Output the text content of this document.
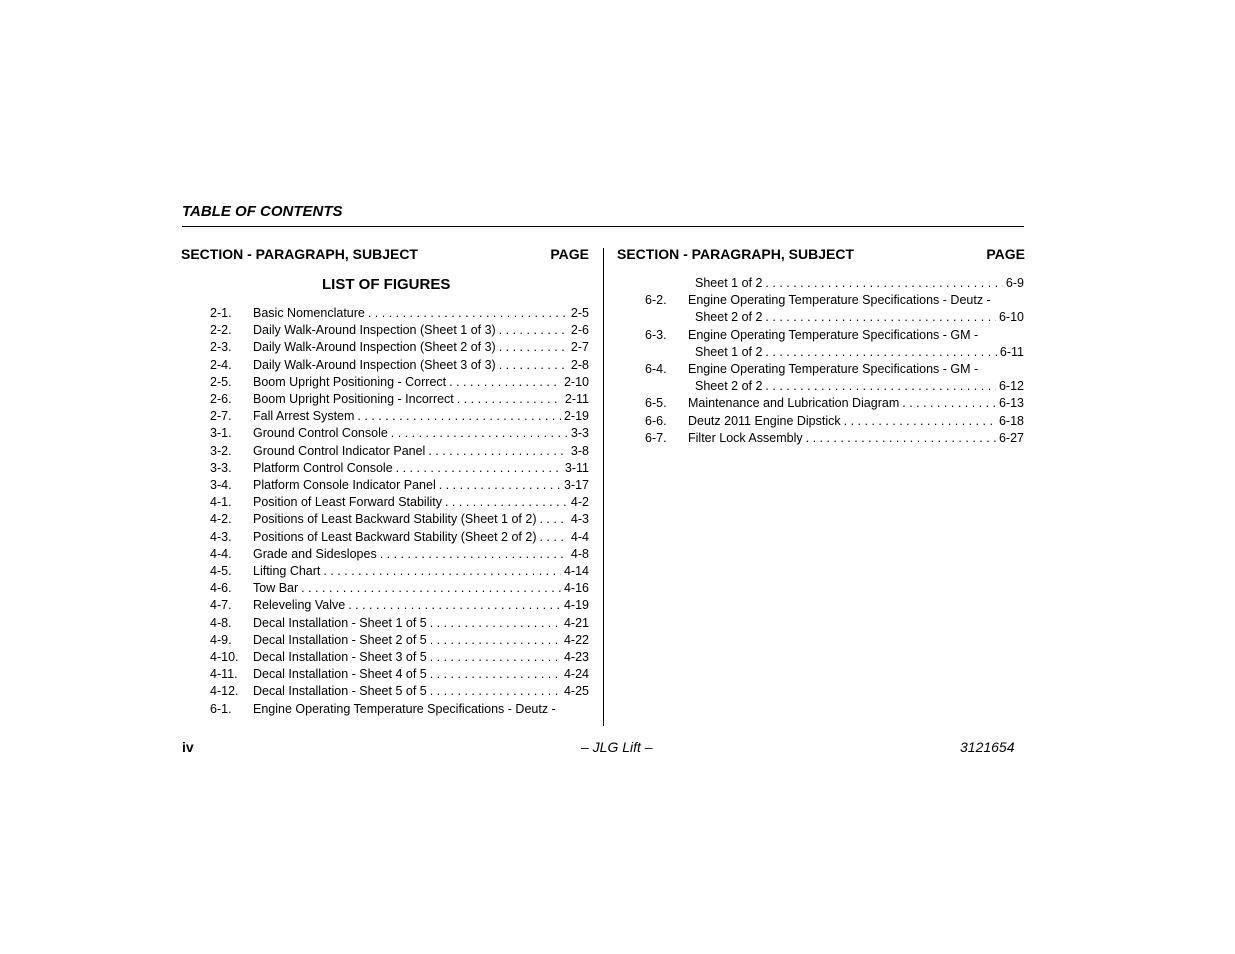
TABLE OF CONTENTS
SECTION - PARAGRAPH, SUBJECT	PAGE SECTION - PARAGRAPH, SUBJECT	PAGE
LIST OF FIGURES
2-1. Basic Nomenclature . . .	2-5
2-2. Daily Walk-Around Inspection (Sheet 1 of 3) . . .	2-6
2-3. Daily Walk-Around Inspection (Sheet 2 of 3) . . .	2-7
2-4. Daily Walk-Around Inspection (Sheet 3 of 3) . . .	2-8
2-5. Boom Upright Positioning - Correct . . .	2-10
2-6. Boom Upright Positioning - Incorrect . . .	2-11
2-7. Fall Arrest System . . .	2-19
3-1. Ground Control Console . . .	3-3
3-2. Ground Control Indicator Panel . . .	3-8
3-3. Platform Control Console . . .	3-11
3-4. Platform Console Indicator Panel . . .	3-17
4-1. Position of Least Forward Stability . . .	4-2
4-2. Positions of Least Backward Stability (Sheet 1 of 2) . . .	4-3
4-3. Positions of Least Backward Stability (Sheet 2 of 2) . . .	4-4
4-4. Grade and Sideslopes . . .	4-8
4-5. Lifting Chart . . .	4-14
4-6. Tow Bar . . .	4-16
4-7. Releveling Valve . . .	4-19
4-8. Decal Installation - Sheet 1 of 5 . . .	4-21
4-9. Decal Installation - Sheet 2 of 5 . . .	4-22
4-10. Decal Installation - Sheet 3 of 5 . . .	4-23
4-11. Decal Installation - Sheet 4 of 5 . . .	4-24
4-12. Decal Installation - Sheet 5 of 5 . . .	4-25
6-1. Engine Operating Temperature Specifications - Deutz -
Sheet 1 of 2 . . .	6-9
6-2. Engine Operating Temperature Specifications - Deutz -
Sheet 2 of 2 . . .	6-10
6-3. Engine Operating Temperature Specifications - GM -
Sheet 1 of 2 . . .	6-11
6-4. Engine Operating Temperature Specifications - GM -
Sheet 2 of 2 . . .	6-12
6-5. Maintenance and Lubrication Diagram . . .	6-13
6-6. Deutz 2011 Engine Dipstick . . .	6-18
6-7. Filter Lock Assembly . . .	6-27
iv	– JLG Lift –	3121654
